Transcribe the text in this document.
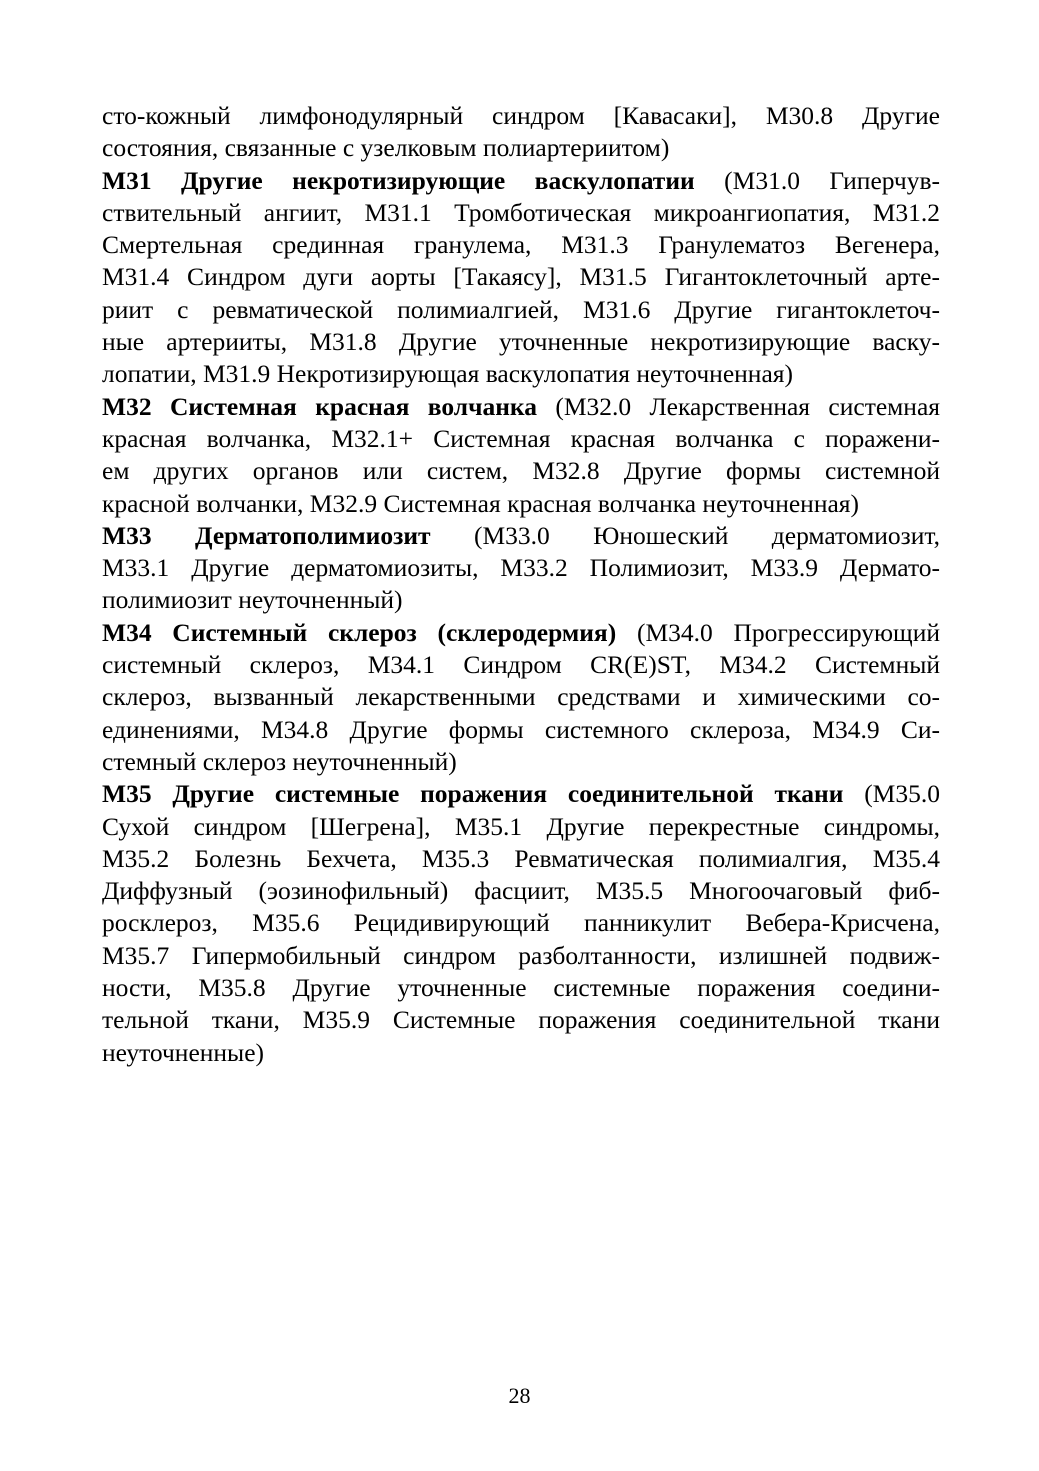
сто-кожный лимфонодулярный синдром [Кавасаки], M30.8 Другие
состояния, связанные с узелковым полиартериитом)
M31 Другие некротизирующие васкулопатии (M31.0 Гиперчув-
ствительный ангиит, M31.1 Тромботическая микроангиопатия, M31.2
Смертельная срединная гранулема, M31.3 Гранулематоз Вегенера,
M31.4 Синдром дуги аорты [Такаясу], M31.5 Гигантоклеточный арте-
риит с ревматической полимиалгией, M31.6 Другие гигантоклеточ-
ные артерииты, M31.8 Другие уточненные некротизирующие васку-
лопатии, M31.9 Некротизирующая васкулопатия неуточненная)
M32 Системная красная волчанка (M32.0 Лекарственная системная
красная волчанка, M32.1+ Системная красная волчанка с поражени-
ем других органов или систем, M32.8 Другие формы системной
красной волчанки, M32.9 Системная красная волчанка неуточненная)
M33 Дерматополимиозит (M33.0 Юношеский дерматомиозит,
M33.1 Другие дерматомиозиты, M33.2 Полимиозит, M33.9 Дермато-
полимиозит неуточненный)
M34 Системный склероз (склеродермия) (M34.0 Прогрессирующий
системный склероз, M34.1 Синдром CR(E)ST, M34.2 Системный
склероз, вызванный лекарственными средствами и химическими со-
единениями, M34.8 Другие формы системного склероза, M34.9 Си-
стемный склероз неуточненный)
M35 Другие системные поражения соединительной ткани (M35.0
Сухой синдром [Шегрена], M35.1 Другие перекрестные синдромы,
M35.2 Болезнь Бехчета, M35.3 Ревматическая полимиалгия, M35.4
Диффузный (эозинофильный) фасциит, M35.5 Многоочаговый фиб-
росклероз, M35.6 Рецидивирующий панникулит Вебера-Крисчена,
M35.7 Гипермобильный синдром разболтанности, излишней подвиж-
ности, M35.8 Другие уточненные системные поражения соедини-
тельной ткани, M35.9 Системные поражения соединительной ткани
неуточненные)
28
